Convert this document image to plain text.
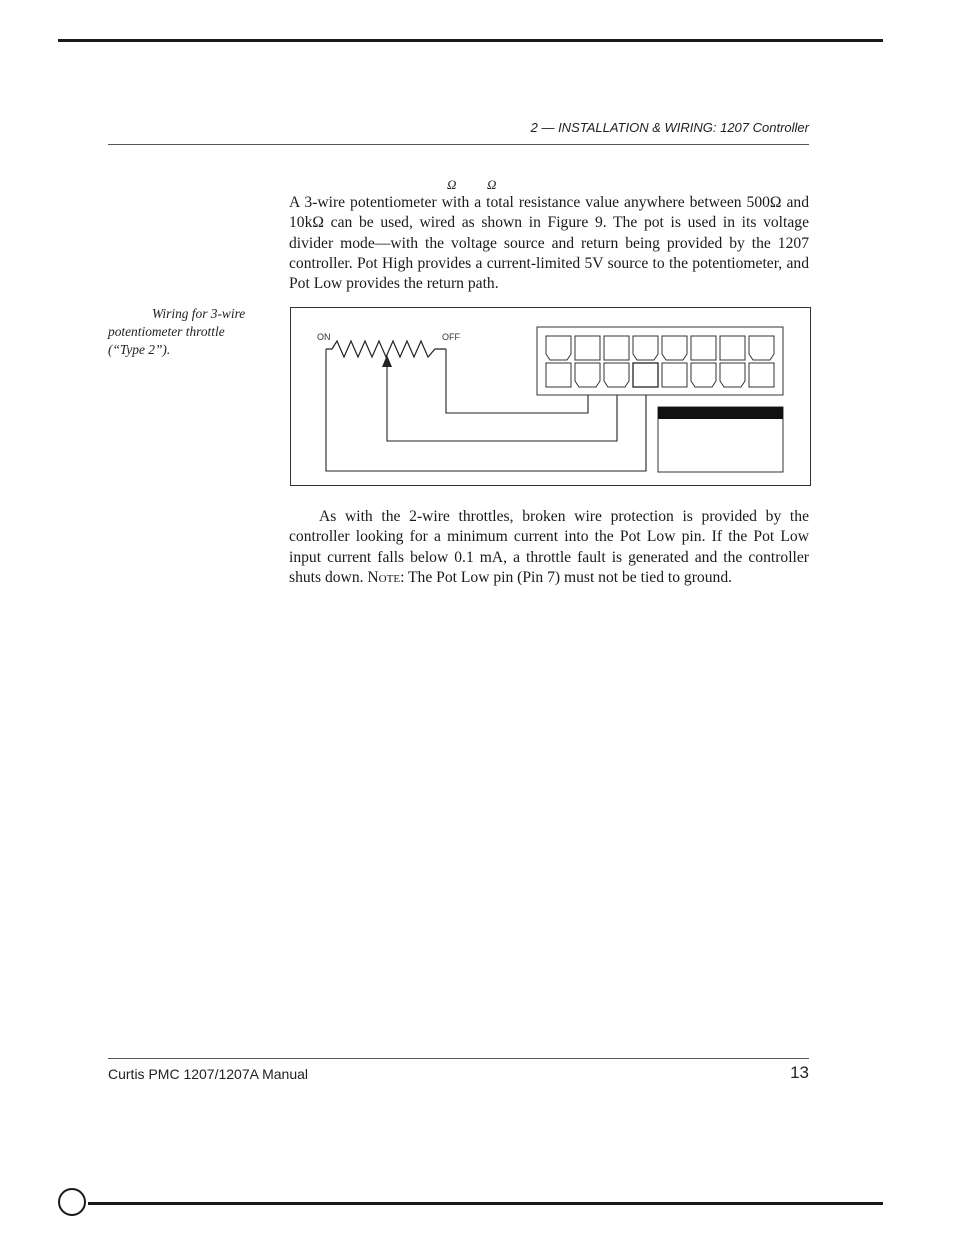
2 — INSTALLATION & WIRING: 1207 Controller
Ω Ω
A 3-wire potentiometer with a total resistance value anywhere between 500Ω and 10kΩ can be used, wired as shown in Figure 9. The pot is used in its voltage divider mode—with the voltage source and return being provided by the 1207 controller. Pot High provides a current-limited 5V source to the potentiometer, and Pot Low provides the return path.
Wiring for 3-wire
potentiometer throttle
(“Type 2”).
ON	OFF
As with the 2-wire throttles, broken wire protection is provided by the controller looking for a minimum current into the Pot Low pin. If the Pot Low input current falls below 0.1 mA, a throttle fault is generated and the controller shuts down. Note: The Pot Low pin (Pin 7) must not be tied to ground.
Curtis PMC 1207/1207A Manual	13
